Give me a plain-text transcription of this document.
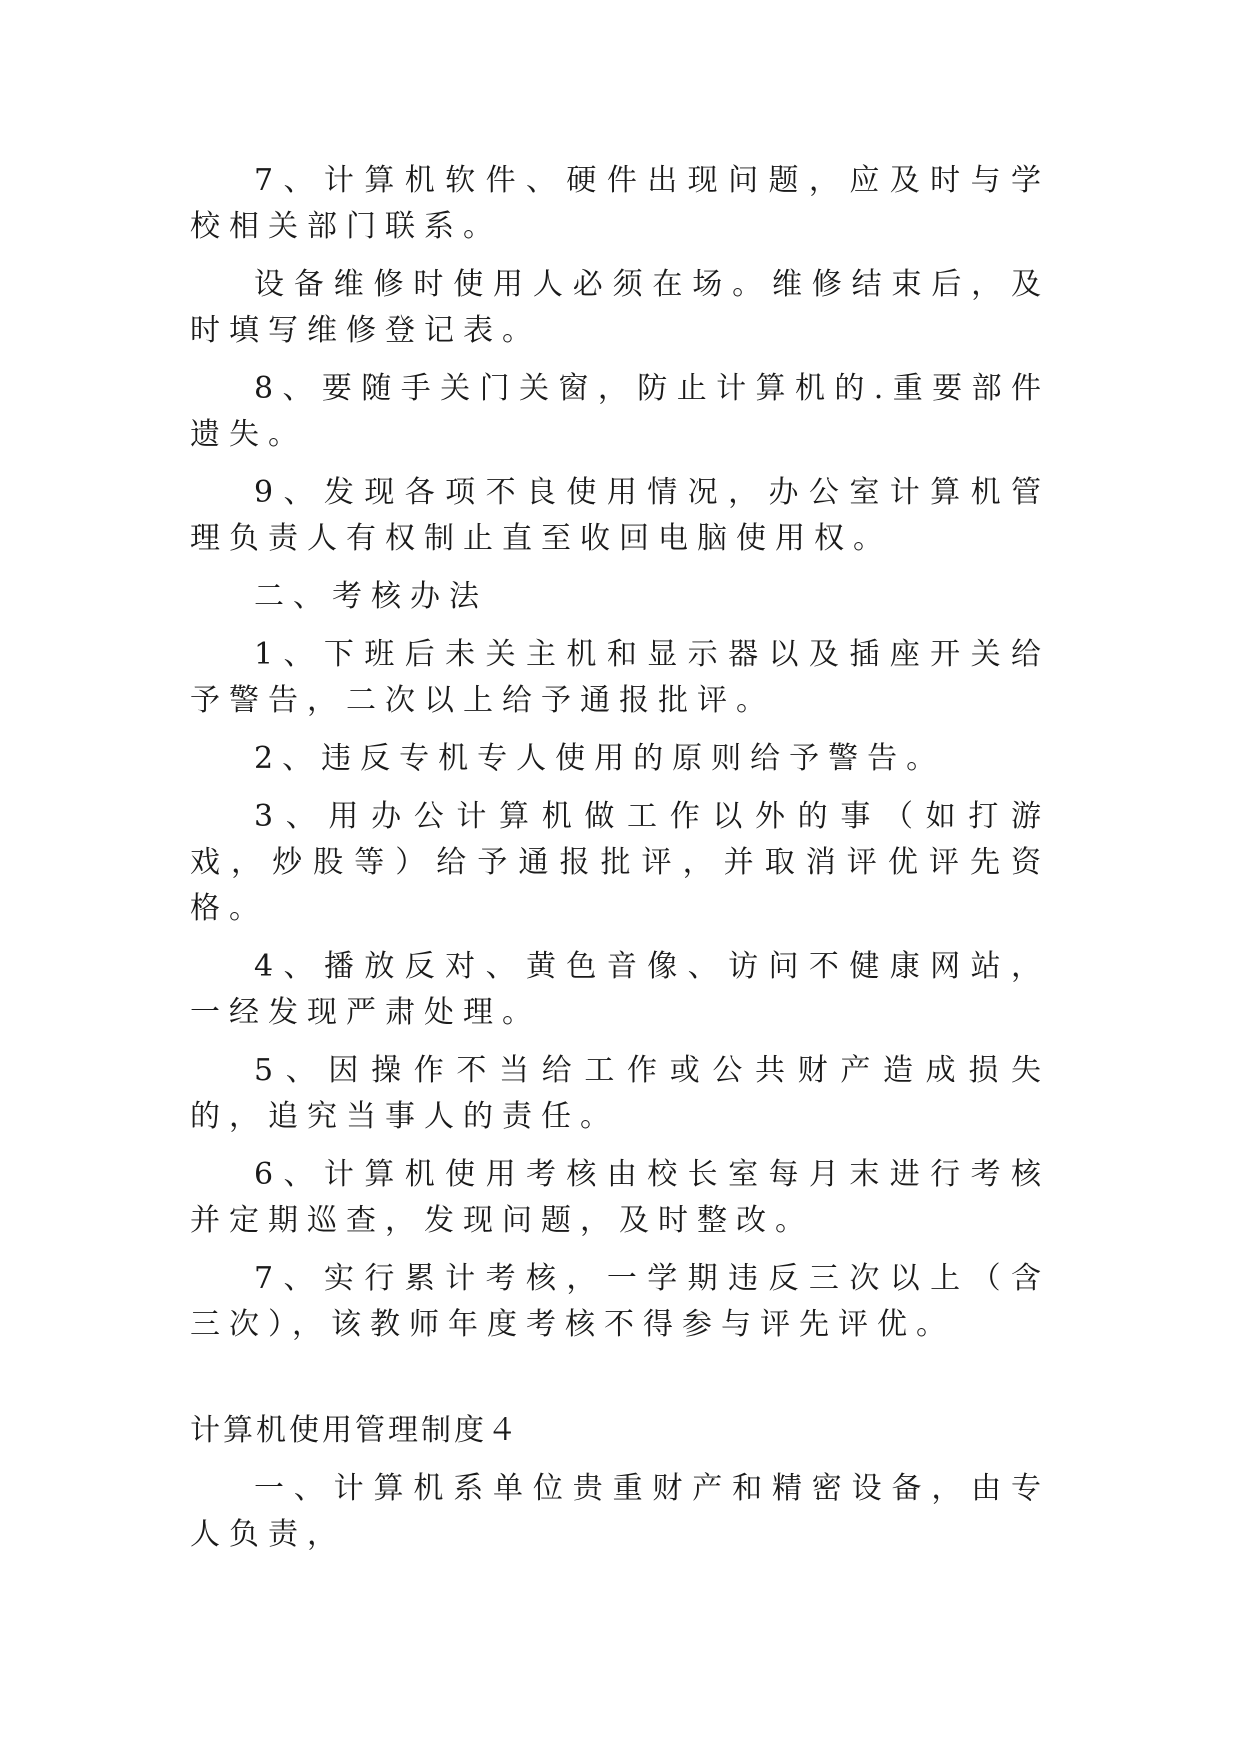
7、计算机软件、硬件出现问题，应及时与学校相关部门联系。

设备维修时使用人必须在场。维修结束后，及时填写维修登记表。

8、要随手关门关窗，防止计算机的.重要部件遗失。

9、发现各项不良使用情况，办公室计算机管理负责人有权制止直至收回电脑使用权。

二、考核办法

1、下班后未关主机和显示器以及插座开关给予警告，二次以上给予通报批评。

2、违反专机专人使用的原则给予警告。

3、用办公计算机做工作以外的事（如打游戏，炒股等）给予通报批评，并取消评优评先资格。

4、播放反对、黄色音像、访问不健康网站，一经发现严肃处理。

5、因操作不当给工作或公共财产造成损失的，追究当事人的责任。

6、计算机使用考核由校长室每月末进行考核并定期巡查，发现问题，及时整改。

7、实行累计考核，一学期违反三次以上（含三次），该教师年度考核不得参与评先评优。

计算机使用管理制度４

一、计算机系单位贵重财产和精密设备，由专人负责，
